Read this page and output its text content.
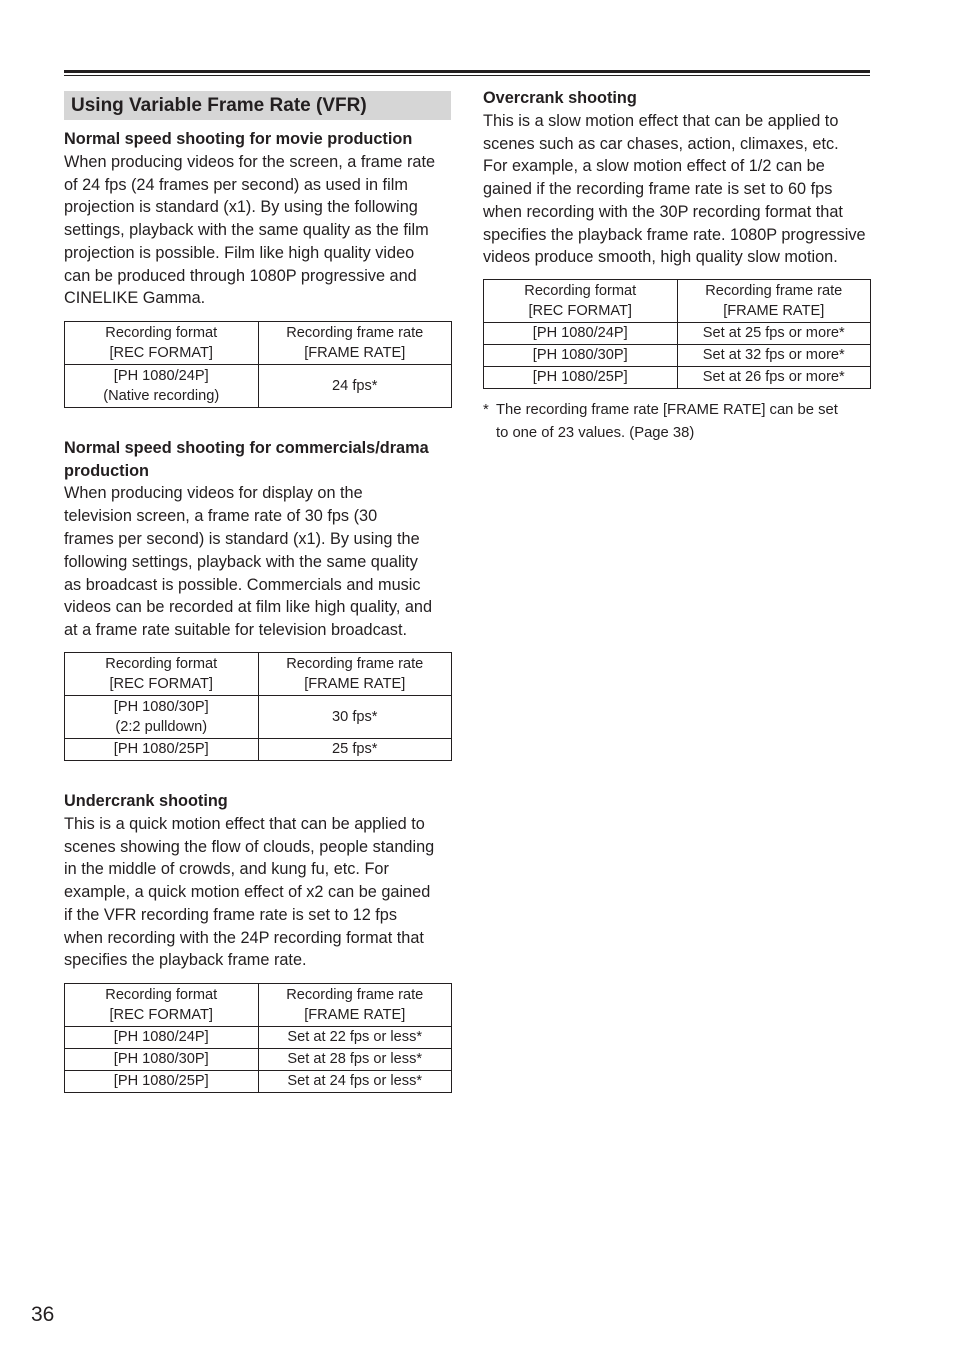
Using Variable Frame Rate (VFR)

Normal speed shooting for movie production

When producing videos for the screen, a frame rate

of 24 fps (24 frames per second) as used in film

projection is standard (x1). By using the following

settings, playback with the same quality as the film

projection is possible. Film like high quality video

can be produced through 1080P progressive and

CINELIKE Gamma.

Recording format
[REC FORMAT]	Recording frame rate
[FRAME RATE]
[PH 1080/24P]
(Native recording)	24 fps*

Normal speed shooting for commercials/drama

production

When producing videos for display on the

television screen, a frame rate of 30 fps (30

frames per second) is standard (x1). By using the

following settings, playback with the same quality

as broadcast is possible. Commercials and music

videos can be recorded at film like high quality, and

at a frame rate suitable for television broadcast.

Recording format
[REC FORMAT]	Recording frame rate
[FRAME RATE]
[PH 1080/30P]
(2:2 pulldown)	30 fps*
[PH 1080/25P]	25 fps*

Undercrank shooting

This is a quick motion effect that can be applied to

scenes showing the flow of clouds, people standing

in the middle of crowds, and kung fu, etc. For

example, a quick motion effect of x2 can be gained

if the VFR recording frame rate is set to 12 fps

when recording with the 24P recording format that

specifies the playback frame rate.

Recording format
[REC FORMAT]	Recording frame rate
[FRAME RATE]
[PH 1080/24P]	Set at 22 fps or less*
[PH 1080/30P]	Set at 28 fps or less*
[PH 1080/25P]	Set at 24 fps or less*

Overcrank shooting

This is a slow motion effect that can be applied to

scenes such as car chases, action, climaxes, etc.

For example, a slow motion effect of 1/2 can be

gained if the recording frame rate is set to 60 fps

when recording with the 30P recording format that

specifies the playback frame rate. 1080P progressive

videos produce smooth, high quality slow motion.

Recording format
[REC FORMAT]	Recording frame rate
[FRAME RATE]
[PH 1080/24P]	Set at 25 fps or more*
[PH 1080/30P]	Set at 32 fps or more*
[PH 1080/25P]	Set at 26 fps or more*
* The recording frame rate [FRAME RATE] can be set
to one of 23 values. (Page 38)
36
